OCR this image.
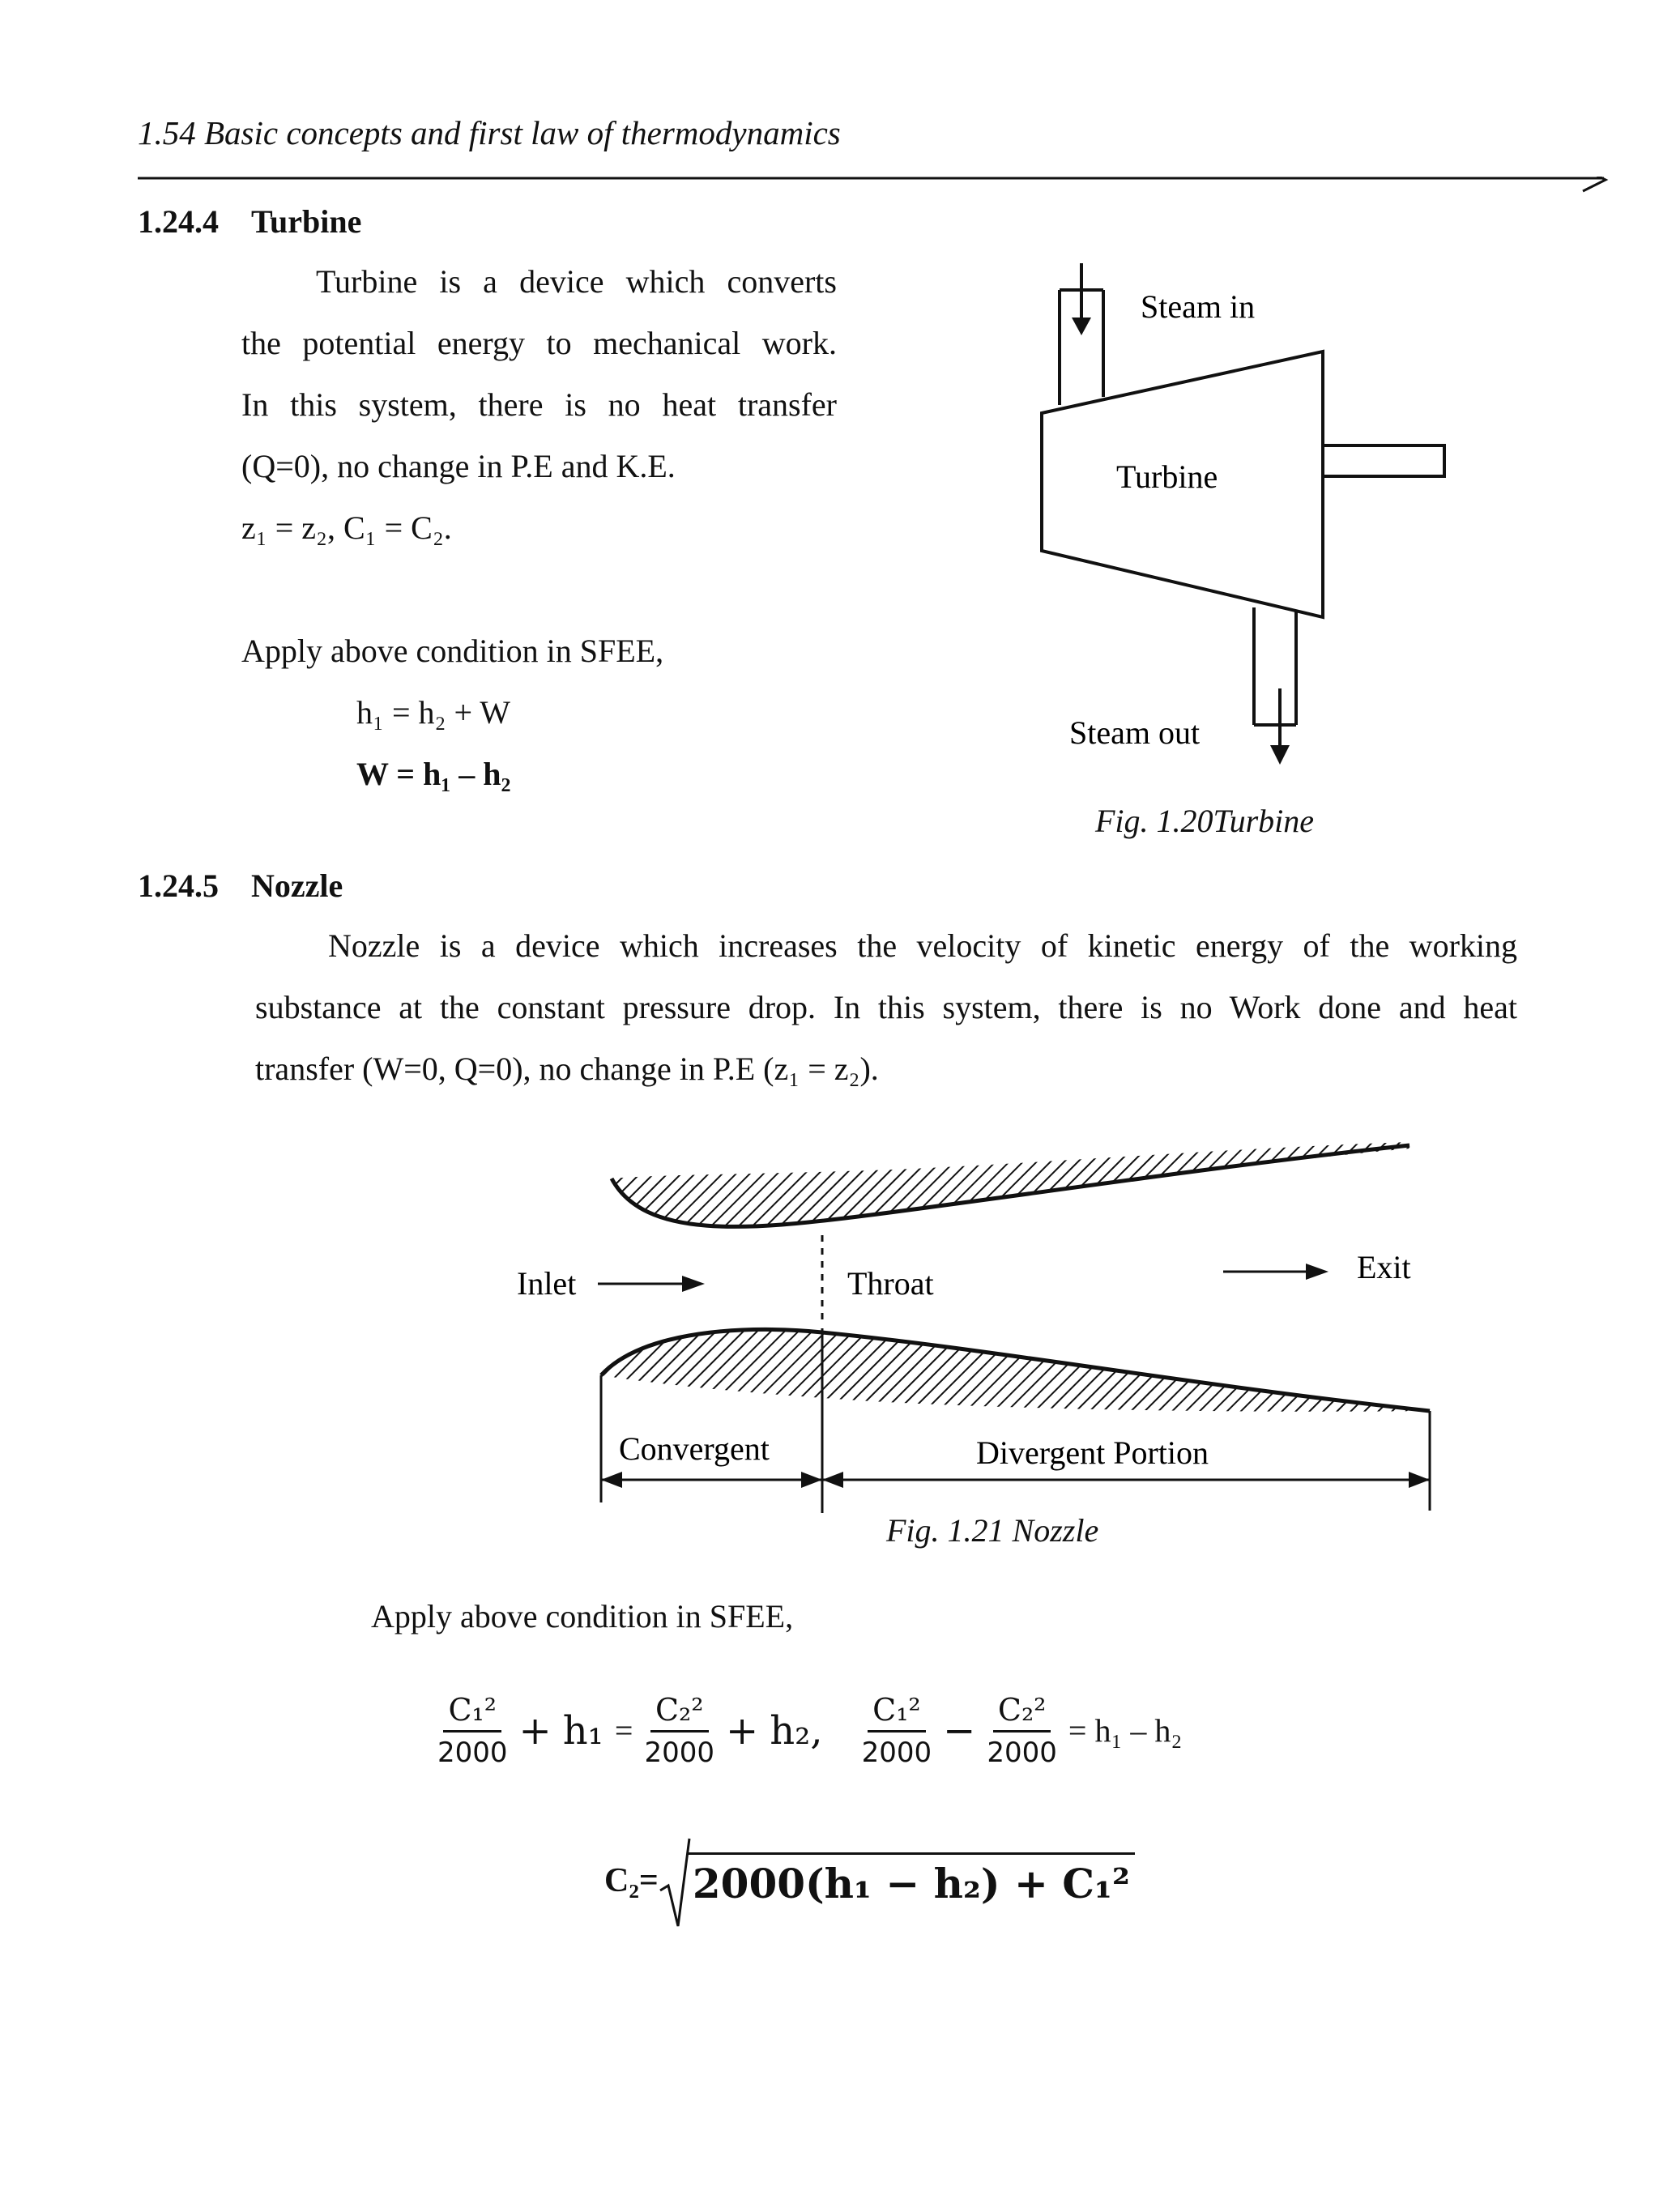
1.54 Basic concepts and first law of thermodynamics
1.24.4 Turbine
Turbine is a device which converts
the potential energy to mechanical work.
In this system, there is no heat transfer
(Q=0), no change in P.E and K.E.
z₁ = z₂, C₁ = C₂.
Apply above condition in SFEE,
h₁ = h₂ + W
W = h₁ – h₂
Steam in
Turbine
Steam out
Fig. 1.20Turbine
1.24.5 Nozzle
Nozzle is a device which increases the velocity of kinetic energy of the working
substance at the constant pressure drop. In this system, there is no Work done and heat
transfer (W=0, Q=0), no change in P.E (z₁ = z₂).
Inlet	Throat	Exit
Convergent	Divergent Portion
Fig. 1.21 Nozzle
Apply above condition in SFEE,
$\frac{\text{C₁²}}{2000} + h_1 = \frac{\text{C₂²}}{2000} + h_2$, $\frac{\text{C₁²}}{2000} - \frac{\text{C₂²}}{2000} = h_1 - h_2$
C₂= 2000(h₁ − h₂) + C₁²
